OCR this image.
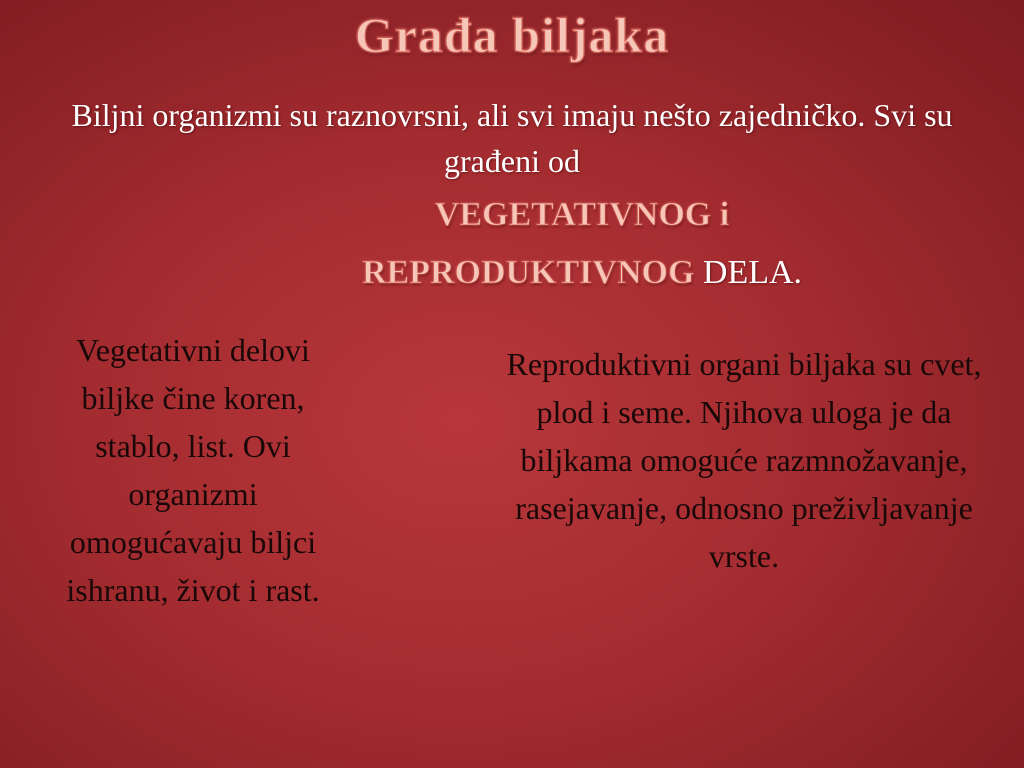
Građa biljaka
Biljni organizmi su raznovrsni, ali svi imaju nešto zajedničko. Svi su građeni od
VEGETATIVNOG i
REPRODUKTIVNOG DELA.
Vegetativni delovi biljke čine koren, stablo, list. Ovi organizmi omogućavaju biljci ishranu, život i rast.
Reproduktivni organi biljaka su cvet, plod i seme. Njihova uloga je da biljkama omoguće razmnožavanje, rasejavanje, odnosno preživljavanje vrste.
